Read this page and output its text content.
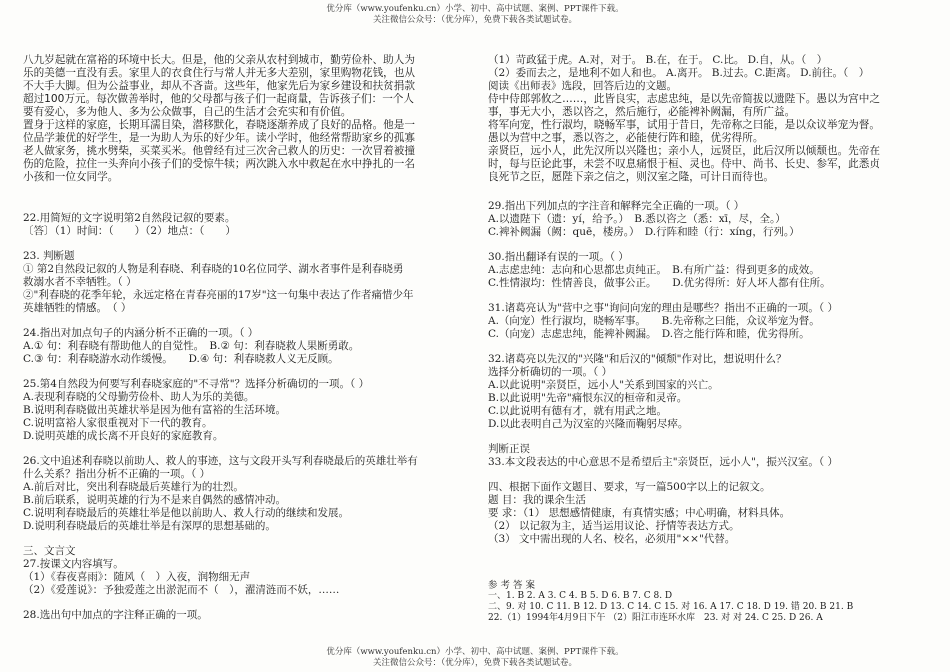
优分库（www.youfenku.cn）小学、初中、高中试题、案例、PPT课件下载。
关注微信公众号：（优分库），免费下载各类试题试卷。
八九岁起就在富裕的环境中长大。但是，他的父亲从农村到城市，勤劳俭朴、助人为
乐的美德一直没有丢。家里人的衣食住行与常人并无多大差别，家里购物花钱，也从
不大手大脚。但为公益事业，却从不吝啬。这些年，他家先后为家乡建设和扶贫捐款
超过100万元。每次做善举时，他的父母都与孩子们一起商量，告诉孩子们：一个人
要有爱心，多为他人、多为公众做事，自己的生活才会充实和有价值。
置身于这样的家庭，长期耳濡目染，潜移默化，春晓逐渐养成了良好的品格。他是一
位品学兼优的好学生，是一为助人为乐的好少年。读小学时，他经常帮助家乡的孤寡
老人做家务，挑水劈柴，买菜买米。他曾经有过三次舍己救人的历史：一次冒着被撞
伤的危险，拉住一头奔向小孩子们的受惊牛犊；两次跳入水中救起在水中挣扎的一名
小孩和一位女同学。
22.用简短的文字说明第2自然段记叙的要素。
〔答〕（1）时间：（　　）（2）地点：（　　）
23. 判断题
① 第2自然段记叙的人物是利春晓、利春晓的10名位同学、湖水者事件是利春晓勇
救溺水者不幸牺牲。（ ）
②"利春晓的花季年轮，永远定格在青春亮丽的17岁"这一句集中表达了作者痛惜少年
英雄牺牲的情感。　（ ）
24.指出对加点句子的内涵分析不正确的一项。（ ）
A.① 句：利春晓有帮助他人的自觉性。　B.② 句：利春晓救人果断勇敢。
C.③ 句：利春晓游水动作缓慢。　　D.④ 句：利春晓救人义无反顾。
25.第4自然段为何要写利春晓家庭的"不寻常"？选择分析确切的一项。（ ）
A.表现利春晓的父母勤劳俭朴、助人为乐的美德。
B.说明利春晓做出英雄状举是因为他有富裕的生活环境。
C.说明富裕人家很重视对下一代的教育。
D.说明英雄的成长离不开良好的家庭教育。
26.文中追述利春晓以前助人、救人的事迹，这与文段开头写利春晓最后的英雄壮举有
什么关系？指出分析不正确的一项。（ ）
A.前后对比，突出利春晓最后英雄行为的壮烈。
B.前后联系，说明英雄的行为不是来自偶然的感情冲动。
C.说明利春晓最后的英雄壮举是他以前助人、救人行动的继续和发展。
D.说明利春晓最后的英雄壮举是有深厚的思想基础的。
三、文言文
27.按课文内容填写。
（1）《春夜喜雨》：随风（　）入夜，润物细无声
（2）《爱莲说》：予独爱莲之出淤泥而不（　），濯清涟而不妖，……
28.选出句中加点的字注释正确的一项。
（1）苛政猛于虎。A.对，对于。 B.在，在于。 C.比。 D.自，从。（　）
（2）委而去之，是地利不如人和也。 A.离开。 B.过去。C.距离。 D.前往。（　）
阅读《出师表》选段，回答后边的文题。
侍中侍郎郭攸之……，此皆良实，志虑忠纯，是以先帝简拔以遗陛下。愚以为宫中之
事，事无大小，悉以咨之，然后施行，必能裨补阙漏，有所广益。
将军向宠，性行淑均，晓畅军事，试用于昔日，先帝称之曰能，是以众议举宠为督。
愚以为营中之事，悉以咨之，必能使行阵和睦，优劣得所。
亲贤臣，远小人，此先汉所以兴隆也；亲小人，远贤臣，此后汉所以倾颓也。先帝在
时，每与臣论此事，未尝不叹息痛恨于桓、灵也。侍中、尚书、长史、参军，此悉贞
良死节之臣，愿陛下亲之信之，则汉室之隆，可计日而待也。
29.指出下列加点的字注音和解释完全正确的一项。（ ）
A.以遗陛下（遗：yí，给予。）　B.悉以咨之（悉：xī，尽，全。）
C.裨补阙漏（阙：quē，楼房。）　D.行阵和睦（行：xíng，行列。）
30.指出翻译有误的一项。（ ）
A.志虑忠纯：志向和心思都忠贞纯正。　B.有所广益：得到更多的成效。
C.性情淑均：性情善良，做事公正。　　D.优劣得所：好人坏人都有住所。
31.诸葛亮认为"营中之事"询问向宠的理由是哪些？指出不正确的一项。（ ）
A.（向宠）性行淑均，晓畅军事。　　B.先帝称之曰能，众议举宠为督。
C.（向宠）志虑忠纯，能裨补阙漏。　D.咨之能行阵和睦，优劣得所。
32.诸葛亮以先汉的"兴隆"和后汉的"倾颓"作对比，想说明什么？
选择分析确切的一项。（ ）
A.以此说明"亲贤臣，远小人"关系到国家的兴亡。
B.以此说明"先帝"痛恨东汉的桓帝和灵帝。
C.以此说明有德有才，就有用武之地。
D.以此表明自己为汉室的兴隆而鞠躬尽瘁。
判断正误
33.本文段表达的中心意思不是希望后主"亲贤臣，远小人"，振兴汉室。（ ）
四、根据下面作文题目、要求，写一篇500字以上的记叙文。
题 目：我的课余生活
要 求：（1） 思想感情健康，有真情实感；中心明确，材料具体。
（2） 以记叙为主，适当运用议论、抒情等表达方式。
（3） 文中需出现的人名、校名，必须用"××"代替。
参 考 答 案
一、1. B 2. A 3. C 4. B 5. D 6. B 7. C 8. D
二、9. 对 10. C 11. B 12. D 13. C 14. C 15. 对 16. A 17. C 18. D 19. 错 20. B 21. B
22.（1）1994年4月9日下午 （2）阳江市连环水库　23. 对 对 24. C 25. D 26. A
优分库（www.youfenku.cn）小学、初中、高中试题、案例、PPT课件下载。
关注微信公众号：（优分库），免费下载各类试题试卷。
